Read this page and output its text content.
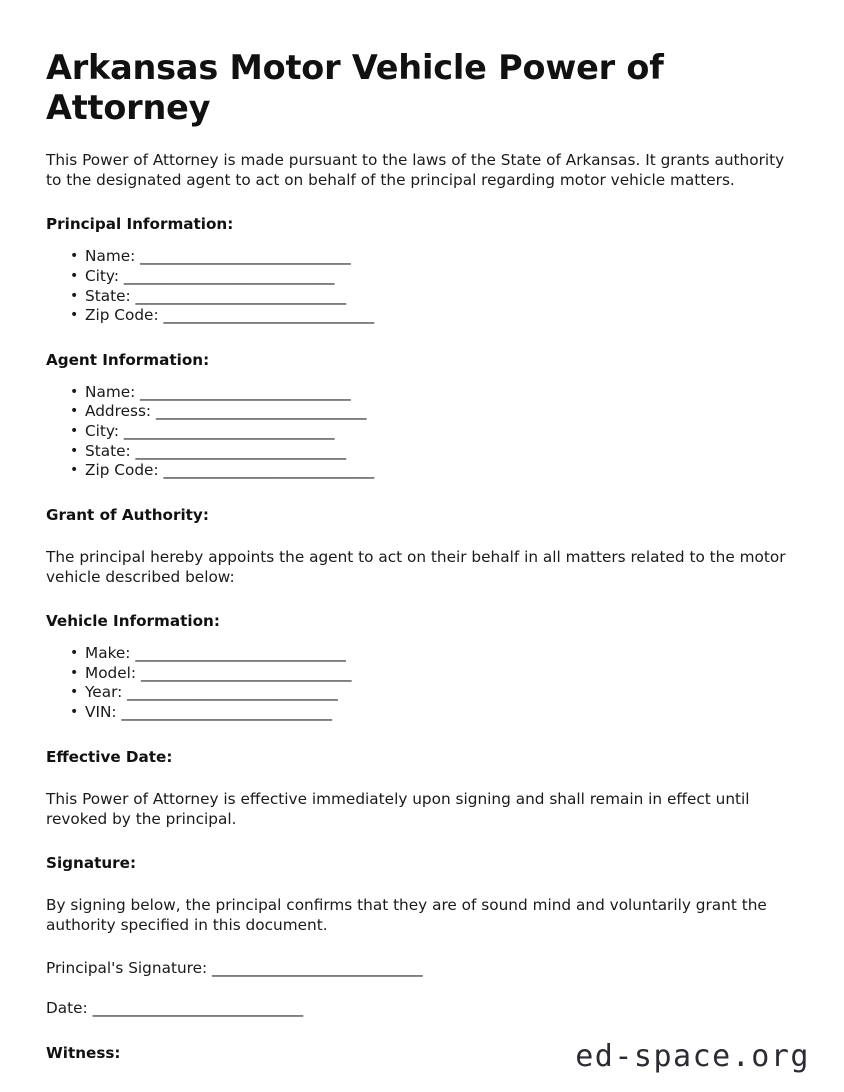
Arkansas Motor Vehicle Power of Attorney

This Power of Attorney is made pursuant to the laws of the State of Arkansas. It grants authority to the designated agent to act on behalf of the principal regarding motor vehicle matters.

Principal Information:
• Name: _____________________________
• City: _____________________________
• State: _____________________________
• Zip Code: _____________________________
Agent Information:
• Name: _____________________________
• Address: _____________________________
• City: _____________________________
• State: _____________________________
• Zip Code: _____________________________
Grant of Authority:

The principal hereby appoints the agent to act on their behalf in all matters related to the motor vehicle described below:

Vehicle Information:
• Make: _____________________________
• Model: _____________________________
• Year: _____________________________
• VIN: _____________________________
Effective Date:

This Power of Attorney is effective immediately upon signing and shall remain in effect until revoked by the principal.

Signature:

By signing below, the principal confirms that they are of sound mind and voluntarily grant the authority specified in this document.

Principal's Signature: _____________________________
Date: _____________________________
Witness:	ed-space.org
